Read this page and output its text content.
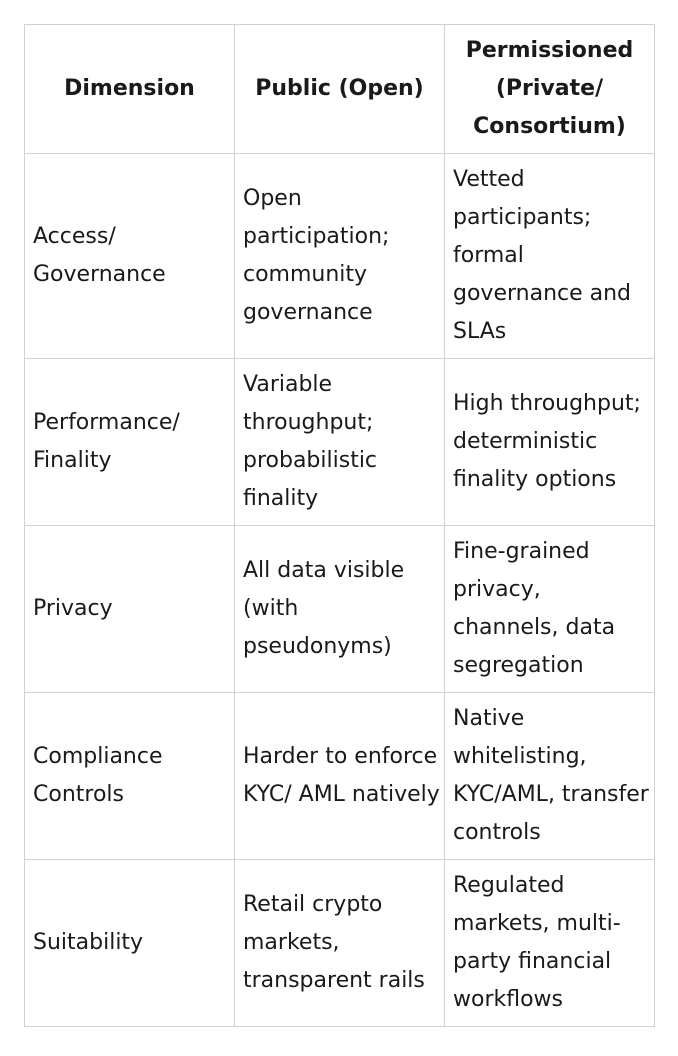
Dimension	Public (Open)	Permissioned (Private/ Consortium)
Access/ Governance	Open participation; community governance	Vetted participants; formal governance and SLAs
Performance/ Finality	Variable throughput; probabilistic finality	High throughput; deterministic finality options
Privacy	All data visible (with pseudonyms)	Fine-grained privacy, channels, data segregation
Compliance Controls	Harder to enforce KYC/ AML natively	Native whitelisting, KYC/AML, transfer controls
Suitability	Retail crypto markets, transparent rails	Regulated markets, multi-party financial workflows
